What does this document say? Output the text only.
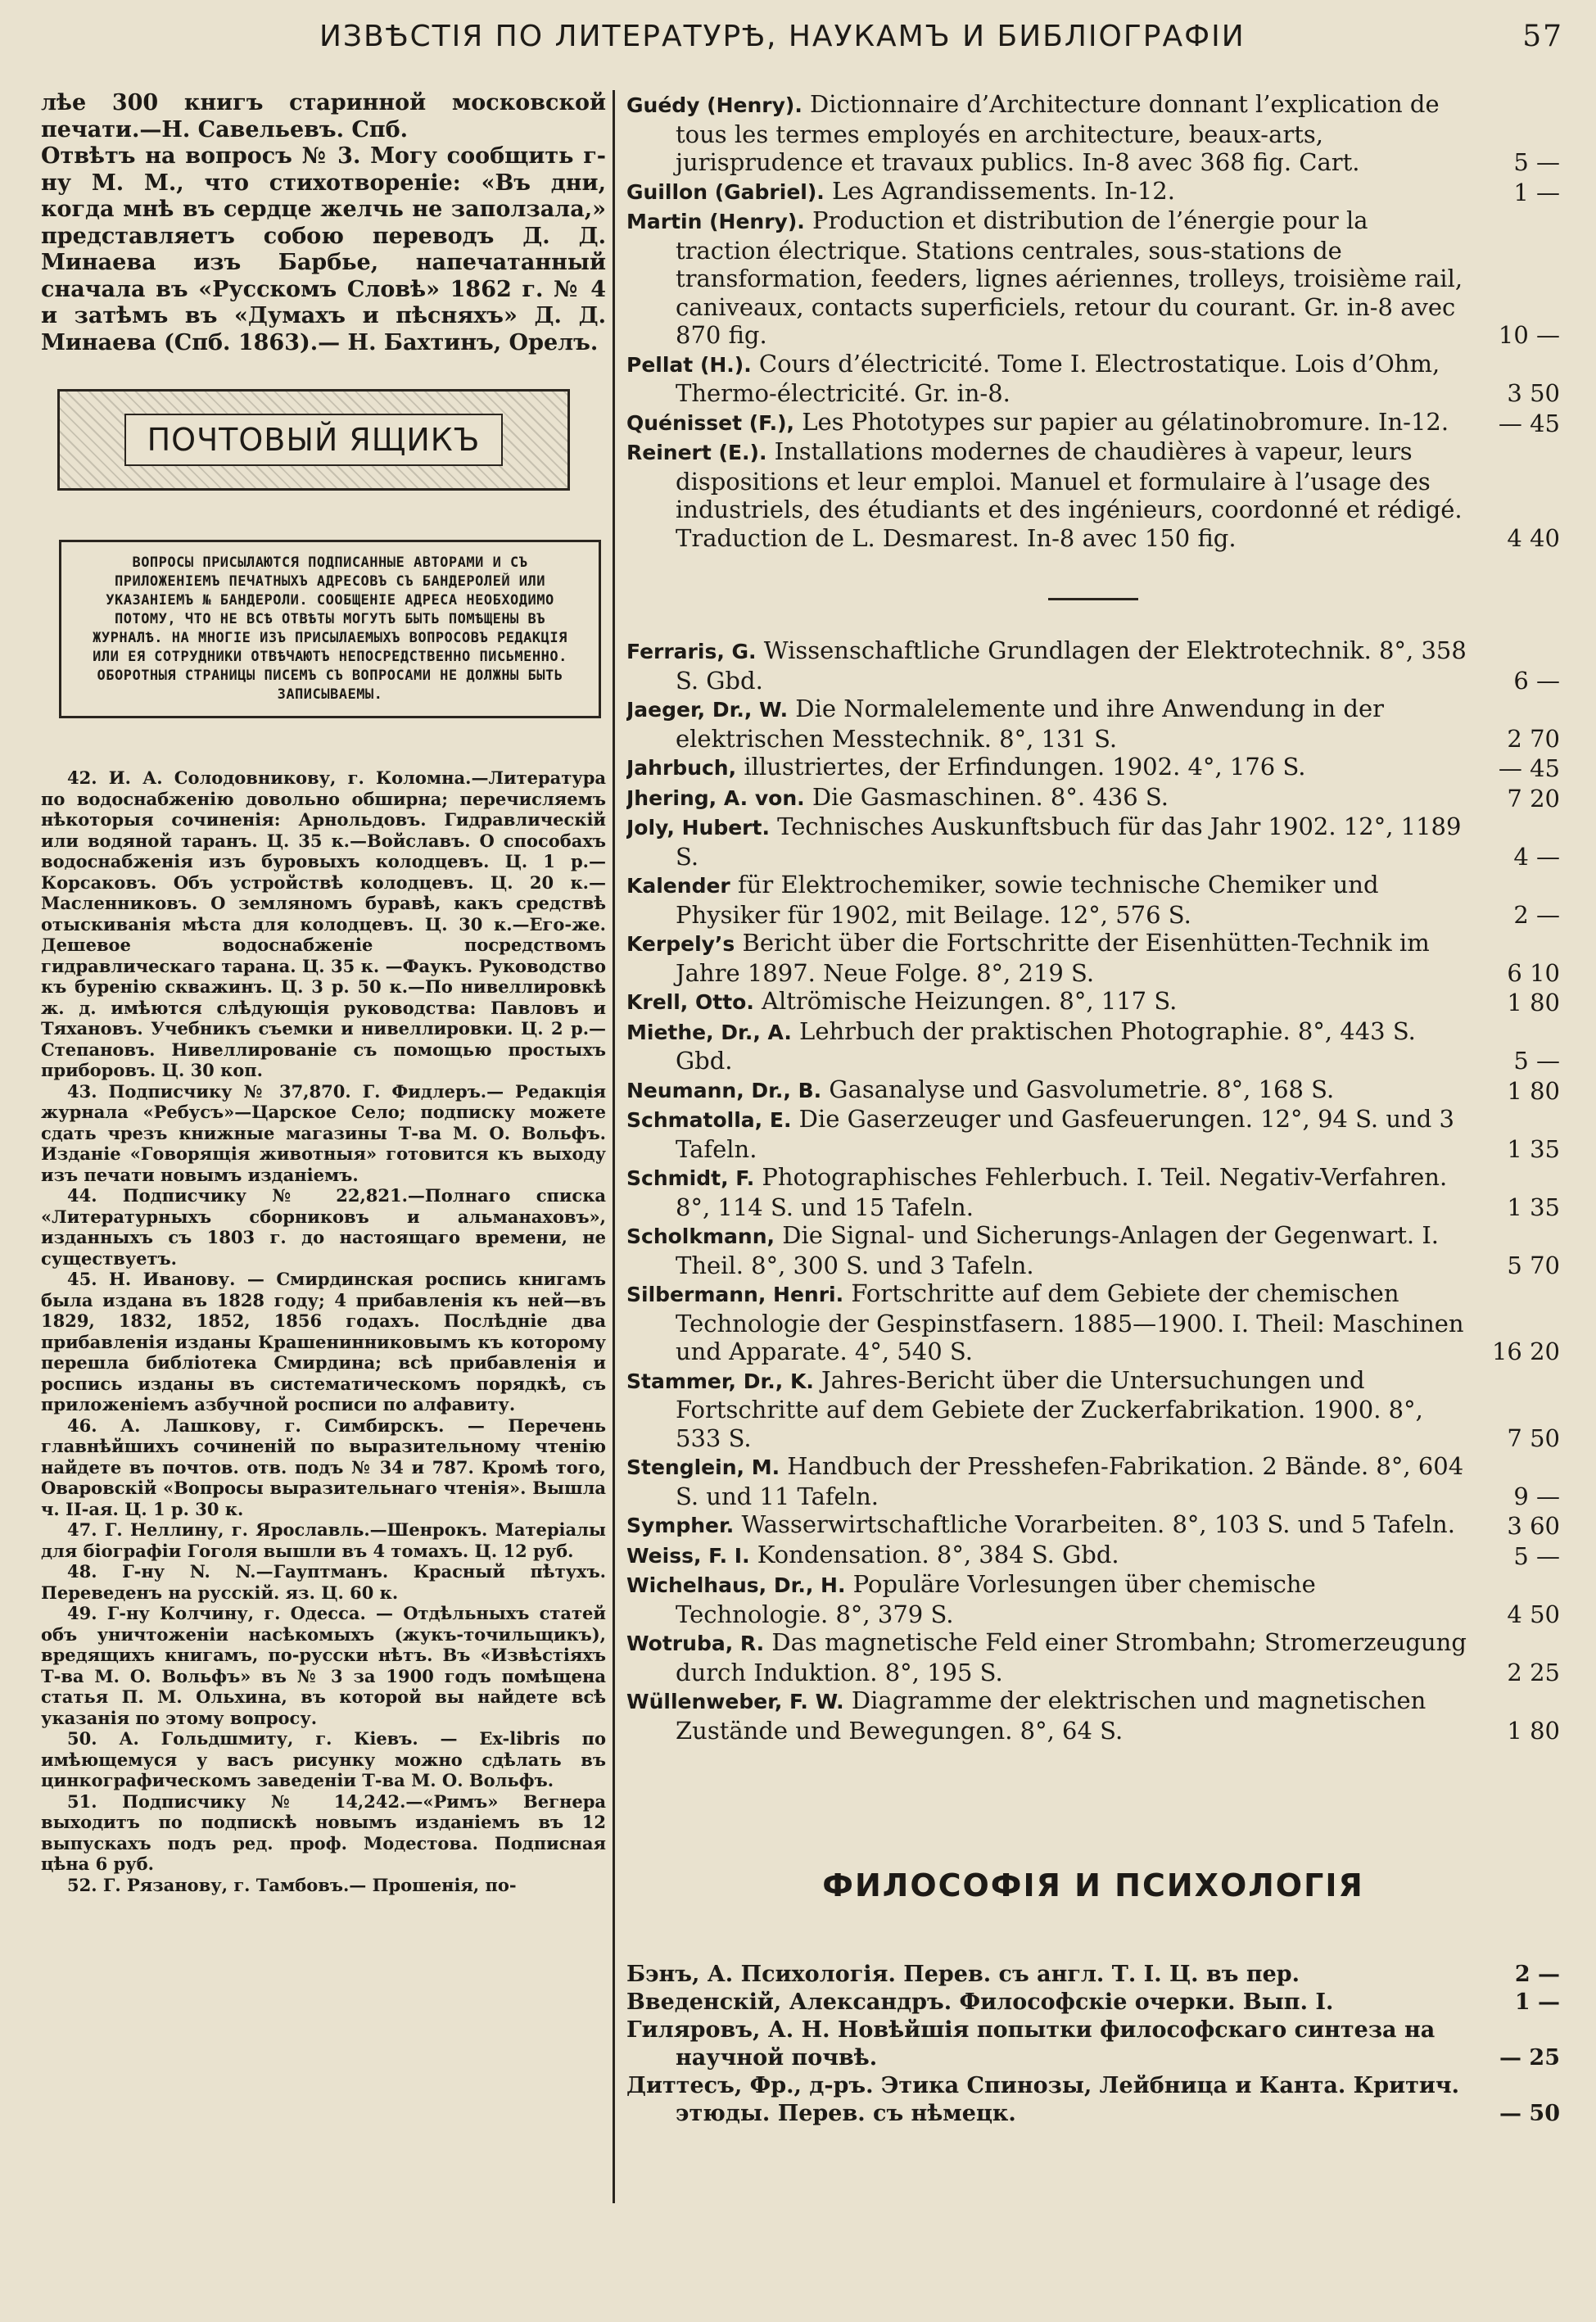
ИЗВѢСТІЯ ПО ЛИТЕРАТУРѢ, НАУКАМЪ И БИБЛІОГРАФІИ	57

лѣе 300 книгъ старинной московской печати.—Н. Савельевъ. Спб.

Отвѣтъ на вопросъ № 3. Могу сообщить г-ну М. М., что стихотвореніе: «Въ дни, когда мнѣ въ сердце желчь не заползала,» представляетъ собою переводъ Д. Д. Минаева изъ Барбье, напечатанный сначала въ «Русскомъ Словѣ» 1862 г. № 4 и затѣмъ въ «Думахъ и пѣсняхъ» Д. Д. Минаева (Спб. 1863).— Н. Бахтинъ, Орелъ.

ПОЧТОВЫЙ ЯЩИКЪ
ВОПРОСЫ ПРИСЫЛАЮТСЯ ПОДПИСАННЫЕ АВТОРАМИ И СЪ ПРИЛОЖЕНІЕМЪ ПЕЧАТНЫХЪ АДРЕСОВЪ СЪ БАНДЕРОЛЕЙ ИЛИ УКАЗАНІЕМЪ № БАНДЕРОЛИ. СООБЩЕНІЕ АДРЕСА НЕОБХОДИМО ПОТОМУ, ЧТО НЕ ВСѢ ОТВѢТЫ МОГУТЪ БЫТЬ ПОМѢЩЕНЫ ВЪ ЖУРНАЛѢ. НА МНОГІЕ ИЗЪ ПРИСЫЛАЕМЫХЪ ВОПРОСОВЪ РЕДАКЦІЯ ИЛИ ЕЯ СОТРУДНИКИ ОТВѢЧАЮТЪ НЕПОСРЕДСТВЕННО ПИСЬМЕННО. ОБОРОТНЫЯ СТРАНИЦЫ ПИСЕМЪ СЪ ВОПРОСАМИ НЕ ДОЛЖНЫ БЫТЬ ЗАПИСЫВАЕМЫ.

42. И. А. Солодовникову, г. Коломна.—Литература по водоснабженію довольно обширна; перечисляемъ нѣкоторыя сочиненія: Арнольдовъ. Гидравлическій или водяной таранъ. Ц. 35 к.—Войславъ. О способахъ водоснабженія изъ буровыхъ колодцевъ. Ц. 1 р.—Корсаковъ. Объ устройствѣ колодцевъ. Ц. 20 к.—Масленниковъ. О земляномъ буравѣ, какъ средствѣ отыскиванія мѣста для колодцевъ. Ц. 30 к.—Его-же. Дешевое водоснабженіе посредствомъ гидравлическаго тарана. Ц. 35 к. —Фаукъ. Руководство къ буренію скважинъ. Ц. 3 р. 50 к.—По нивеллировкѣ ж. д. имѣются слѣдующія руководства: Павловъ и Тяхановъ. Учебникъ съемки и нивеллировки. Ц. 2 р.—Степановъ. Нивеллированіе съ помощью простыхъ приборовъ. Ц. 30 коп.

43. Подписчику № 37,870. Г. Фидлеръ.— Редакція журнала «Ребусъ»—Царское Село; подписку можете сдать чрезъ книжные магазины Т-ва М. О. Вольфъ. Изданіе «Говорящія животныя» готовится къ выходу изъ печати новымъ изданіемъ.

44. Подписчику № 22,821.—Полнаго списка «Литературныхъ сборниковъ и альманаховъ», изданныхъ съ 1803 г. до настоящаго времени, не существуетъ.

45. Н. Иванову. — Смирдинская роспись книгамъ была издана въ 1828 году; 4 прибавленія къ ней—въ 1829, 1832, 1852, 1856 годахъ. Послѣдніе два прибавленія изданы Крашенинниковымъ къ которому перешла библіотека Смирдина; всѣ прибавленія и роспись изданы въ систематическомъ порядкѣ, съ приложеніемъ азбучной росписи по алфавиту.

46. А. Лашкову, г. Симбирскъ. — Перечень главнѣйшихъ сочиненій по выразительному чтенію найдете въ почтов. отв. подъ № 34 и 787. Кромѣ того, Оваровскій «Вопросы выразительнаго чтенія». Вышла ч. II-ая. Ц. 1 р. 30 к.

47. Г. Неллину, г. Ярославль.—Шенрокъ. Матеріалы для біографіи Гоголя вышли въ 4 томахъ. Ц. 12 руб.

48. Г-ну N. N.—Гауптманъ. Красный пѣтухъ. Переведенъ на русскій. яз. Ц. 60 к.

49. Г-ну Колчину, г. Одесса. — Отдѣльныхъ статей объ уничтоженіи насѣкомыхъ (жукъ-точильщикъ), вредящихъ книгамъ, по-русски нѣтъ. Въ «Извѣстіяхъ Т-ва М. О. Вольфъ» въ № 3 за 1900 годъ помѣщена статья П. М. Ольхина, въ которой вы найдете всѣ указанія по этому вопросу.

50. А. Гольдшмиту, г. Кіевъ. — Ex-libris по имѣющемуся у васъ рисунку можно сдѣлать въ цинкографическомъ заведеніи Т-ва М. О. Вольфъ.

51. Подписчику № 14,242.—«Римъ» Вегнера выходитъ по подпискѣ новымъ изданіемъ въ 12 выпускахъ подъ ред. проф. Модестова. Подписная цѣна 6 руб.

52. Г. Рязанову, г. Тамбовъ.— Прошенія, по-

Guédy (Henry). Dictionnaire d’Architecture donnant l’explication de tous les termes employés en architecture, beaux-arts, jurisprudence et travaux publics. In-8 avec 368 fig. Cart.	5 —
Guillon (Gabriel). Les Agrandissements. In-12.	1 —
Martin (Henry). Production et distribution de l’énergie pour la traction électrique. Stations centrales, sous-stations de transformation, feeders, lignes aériennes, trolleys, troisième rail, caniveaux, contacts superficiels, retour du courant. Gr. in-8 avec 870 fig.	10 —
Pellat (H.). Cours d’électricité. Tome I. Electrostatique. Lois d’Ohm, Thermo-électricité. Gr. in-8.	3 50
Quénisset (F.), Les Phototypes sur papier au gélatinobromure. In-12. — 45
Reinert (E.). Installations modernes de chaudières à vapeur, leurs dispositions et leur emploi. Manuel et formulaire à l’usage des industriels, des étudiants et des ingénieurs, coordonné et rédigé. Traduction de L. Desmarest. In-8 avec 150 fig.	4 40
Ferraris, G. Wissenschaftliche Grundlagen der Elektrotechnik. 8°, 358 S. Gbd.	6 —
Jaeger, Dr., W. Die Normalelemente und ihre Anwendung in der elektrischen Messtechnik. 8°, 131 S.	2 70
Jahrbuch, illustriertes, der Erfindungen. 1902. 4°, 176 S.	— 45
Jhering, A. von. Die Gasmaschinen. 8°. 436 S.	7 20
Joly, Hubert. Technisches Auskunftsbuch für das Jahr 1902. 12°, 1189 S.	4 —
Kalender für Elektrochemiker, sowie technische Chemiker und Physiker für 1902, mit Beilage. 12°, 576 S.	2 —
Kerpely’s Bericht über die Fortschritte der Eisenhütten-Technik im Jahre 1897. Neue Folge. 8°, 219 S.	6 10
Krell, Otto. Altrömische Heizungen. 8°, 117 S.	1 80
Miethe, Dr., A. Lehrbuch der praktischen Photographie. 8°, 443 S. Gbd.	5 —
Neumann, Dr., B. Gasanalyse und Gasvolumetrie. 8°, 168 S.	1 80
Schmatolla, E. Die Gaserzeuger und Gasfeuerungen. 12°, 94 S. und 3 Tafeln.	1 35
Schmidt, F. Photographisches Fehlerbuch. I. Teil. Negativ-Verfahren. 8°, 114 S. und 15 Tafeln.	1 35
Scholkmann, Die Signal- und Sicherungs-Anlagen der Gegenwart. I. Theil. 8°, 300 S. und 3 Tafeln.	5 70
Silbermann, Henri. Fortschritte auf dem Gebiete der chemischen Technologie der Gespinstfasern. 1885—1900. I. Theil: Maschinen und Apparate. 4°, 540 S.	16 20
Stammer, Dr., K. Jahres-Bericht über die Untersuchungen und Fortschritte auf dem Gebiete der Zuckerfabrikation. 1900. 8°, 533 S.	7 50
Stenglein, M. Handbuch der Presshefen-Fabrikation. 2 Bände. 8°, 604 S. und 11 Tafeln.	9 —
Sympher. Wasserwirtschaftliche Vorarbeiten. 8°, 103 S. und 5 Tafeln. 3 60
Weiss, F. I. Kondensation. 8°, 384 S. Gbd.	5 —
Wichelhaus, Dr., H. Populäre Vorlesungen über chemische Technologie. 8°, 379 S.	4 50
Wotruba, R. Das magnetische Feld einer Strombahn; Stromerzeugung durch Induktion. 8°, 195 S.	2 25
Wüllenweber, F. W. Diagramme der elektrischen und magnetischen Zustände und Bewegungen. 8°, 64 S.	1 80
ФИЛОСОФІЯ И ПСИХОЛОГІЯ
Бэнъ, А. Психологія. Перев. съ англ. Т. I. Ц. въ пер.	2 —
Введенскій, Александръ. Философскіе очерки. Вып. I.	1 —
Гиляровъ, А. Н. Новѣйшія попытки философскаго синтеза на научной почвѣ.	— 25
Диттесъ, Фр., д-ръ. Этика Спинозы, Лейбница и Канта. Критич. этюды. Перев. съ нѣмецк.	— 50
